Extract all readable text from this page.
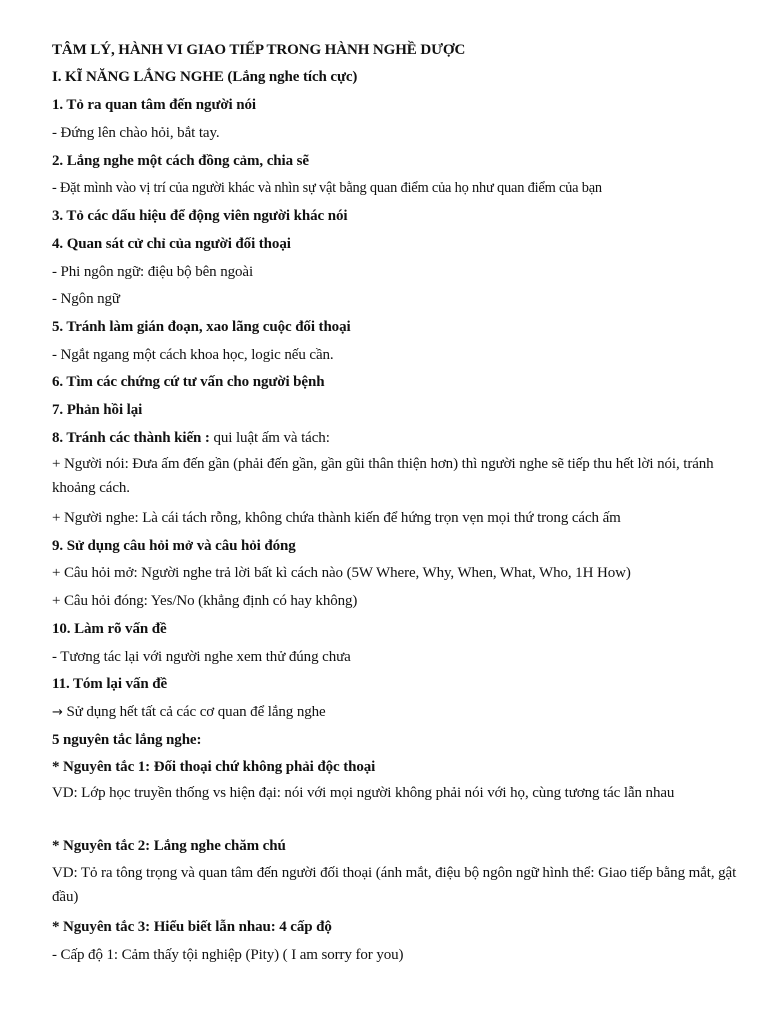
TÂM LÝ, HÀNH VI GIAO TIẾP TRONG HÀNH NGHỀ DƯỢC
I. KĨ NĂNG LẮNG NGHE (Lắng nghe tích cực)
1. Tỏ ra quan tâm đến người nói
- Đứng lên chào hỏi, bắt tay.
2. Lắng nghe một cách đồng cảm, chia sẽ
- Đặt mình vào vị trí của người khác và nhìn sự vật bằng quan điểm của họ như quan điểm của bạn
3. Tỏ các dấu hiệu để động viên người khác nói
4. Quan sát cử chỉ của người đối thoại
- Phi ngôn ngữ: điệu bộ bên ngoài
- Ngôn ngữ
5. Tránh làm gián đoạn, xao lãng cuộc đối thoại
- Ngắt ngang một cách khoa học, logic nếu cần.
6. Tìm các chứng cứ tư vấn cho người bệnh
7. Phản hồi lại
8. Tránh các thành kiến : qui luật ấm và tách:
+ Người nói: Đưa ấm đến gần (phải đến gần, gần gũi thân thiện hơn) thì người nghe sẽ tiếp thu hết lời nói, tránh khoảng cách.
+ Người nghe: Là cái tách rỗng, không chứa thành kiến để hứng trọn vẹn mọi thứ trong cách ấm
9. Sử dụng câu hỏi mở và câu hỏi đóng
+ Câu hỏi mở: Người nghe trả lời bất kì cách nào (5W Where, Why, When, What, Who, 1H How)
+ Câu hỏi đóng: Yes/No (khẳng định có hay không)
10. Làm rõ vấn đề
- Tương tác lại với người nghe xem thử đúng chưa
11. Tóm lại vấn đề
→ Sử dụng hết tất cả các cơ quan để lắng nghe
5 nguyên tắc lắng nghe:
* Nguyên tắc 1: Đối thoại chứ không phải độc thoại
VD: Lớp học truyền thống vs hiện đại: nói với mọi người không phải nói với họ, cùng tương tác lẫn nhau
* Nguyên tắc 2: Lắng nghe chăm chú
VD: Tỏ ra tông trọng và quan tâm đến người đối thoại (ánh mắt, điệu bộ ngôn ngữ hình thể: Giao tiếp bằng mắt, gật đầu)
* Nguyên tắc 3: Hiểu biết lẫn nhau: 4 cấp độ
- Cấp độ 1: Cảm thấy tội nghiệp (Pity) ( I am sorry for you)
